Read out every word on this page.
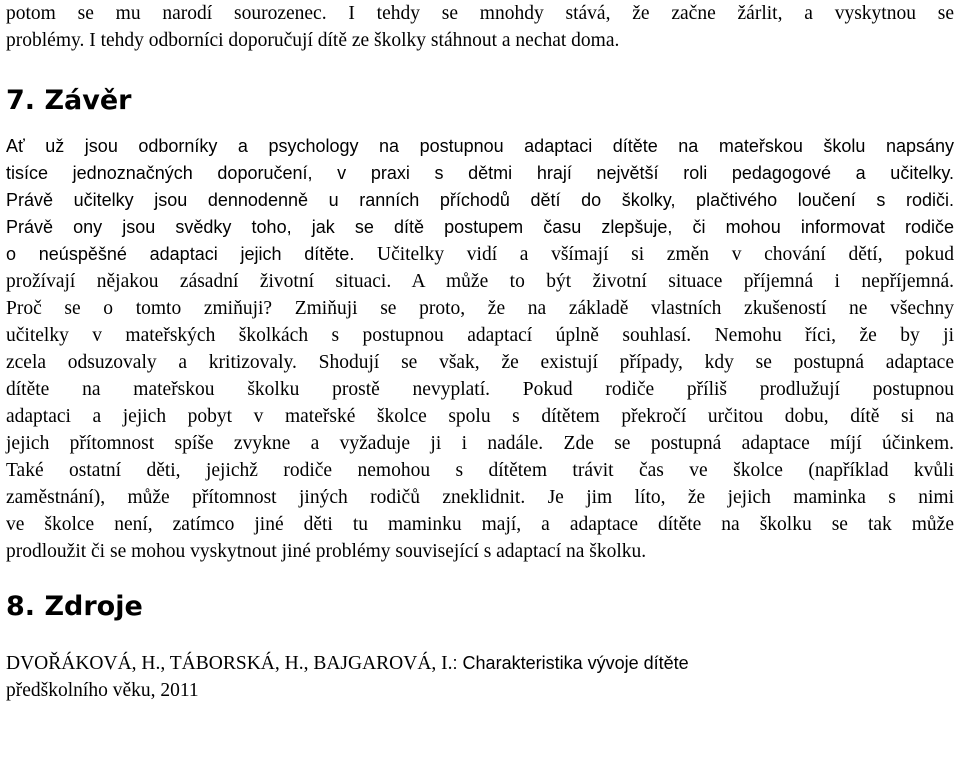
potom se mu narodí sourozenec. I tehdy se mnohdy stává, že začne žárlit, a vyskytnou se
problémy. I tehdy odborníci doporučují dítě ze školky stáhnout a nechat doma.
7. Závěr
Ať už jsou odborníky a psychology na postupnou adaptaci dítěte na mateřskou školu napsány
tisíce jednoznačných doporučení, v praxi s dětmi hrají největší roli pedagogové a učitelky.
Právě učitelky jsou dennodenně u ranních příchodů dětí do školky, plačtivého loučení s rodiči.
Právě ony jsou svědky toho, jak se dítě postupem času zlepšuje, či mohou informovat rodiče
o neúspěšné adaptaci jejich dítěte. Učitelky vidí a všímají si změn v chování dětí, pokud
prožívají nějakou zásadní životní situaci. A může to být životní situace příjemná i nepříjemná.
Proč se o tomto zmiňuji? Zmiňuji se proto, že na základě vlastních zkušeností ne všechny
učitelky v mateřských školkách s postupnou adaptací úplně souhlasí. Nemohu říci, že by ji
zcela odsuzovaly a kritizovaly. Shodují se však, že existují případy, kdy se postupná adaptace
dítěte na mateřskou školku prostě nevyplatí. Pokud rodiče příliš prodlužují postupnou
adaptaci a jejich pobyt v mateřské školce spolu s dítětem překročí určitou dobu, dítě si na
jejich přítomnost spíše zvykne a vyžaduje ji i nadále. Zde se postupná adaptace míjí účinkem.
Také ostatní děti, jejichž rodiče nemohou s dítětem trávit čas ve školce (například kvůli
zaměstnání), může přítomnost jiných rodičů zneklidnit. Je jim líto, že jejich maminka s nimi
ve školce není, zatímco jiné děti tu maminku mají, a adaptace dítěte na školku se tak může
prodloužit či se mohou vyskytnout jiné problémy související s adaptací na školku.
8. Zdroje
DVOŘÁKOVÁ, H., TÁBORSKÁ, H., BAJGAROVÁ, I.: Charakteristika vývoje dítěte
předškolního věku, 2011
